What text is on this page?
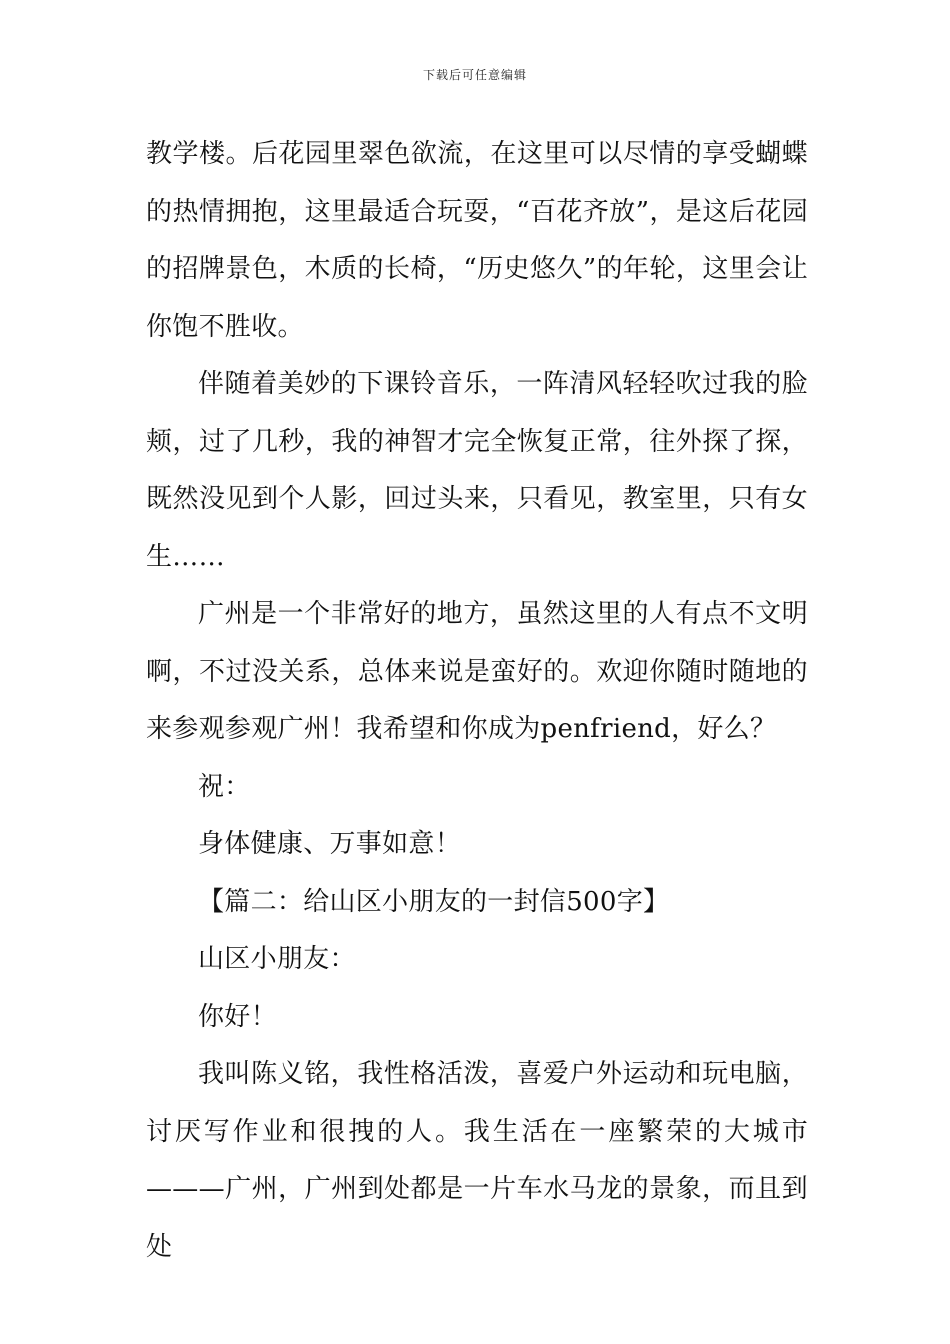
下载后可任意编辑

教学楼。后花园里翠色欲流，在这里可以尽情的享受蝴蝶的热情拥抱，这里最适合玩耍，“百花齐放”，是这后花园的招牌景色，木质的长椅，“历史悠久”的年轮，这里会让你饱不胜收。

伴随着美妙的下课铃音乐，一阵清风轻轻吹过我的脸颊，过了几秒，我的神智才完全恢复正常，往外探了探，既然没见到个人影，回过头来，只看见，教室里，只有女生……

广州是一个非常好的地方，虽然这里的人有点不文明啊，不过没关系，总体来说是蛮好的。欢迎你随时随地的来参观参观广州！我希望和你成为penfriend，好么？

祝：

身体健康、万事如意！

【篇二：给山区小朋友的一封信500字】

山区小朋友：

你好！

我叫陈义铭，我性格活泼，喜爱户外运动和玩电脑，讨厌写作业和很拽的人。我生活在一座繁荣的大城市———广州，广州到处都是一片车水马龙的景象，而且到处
